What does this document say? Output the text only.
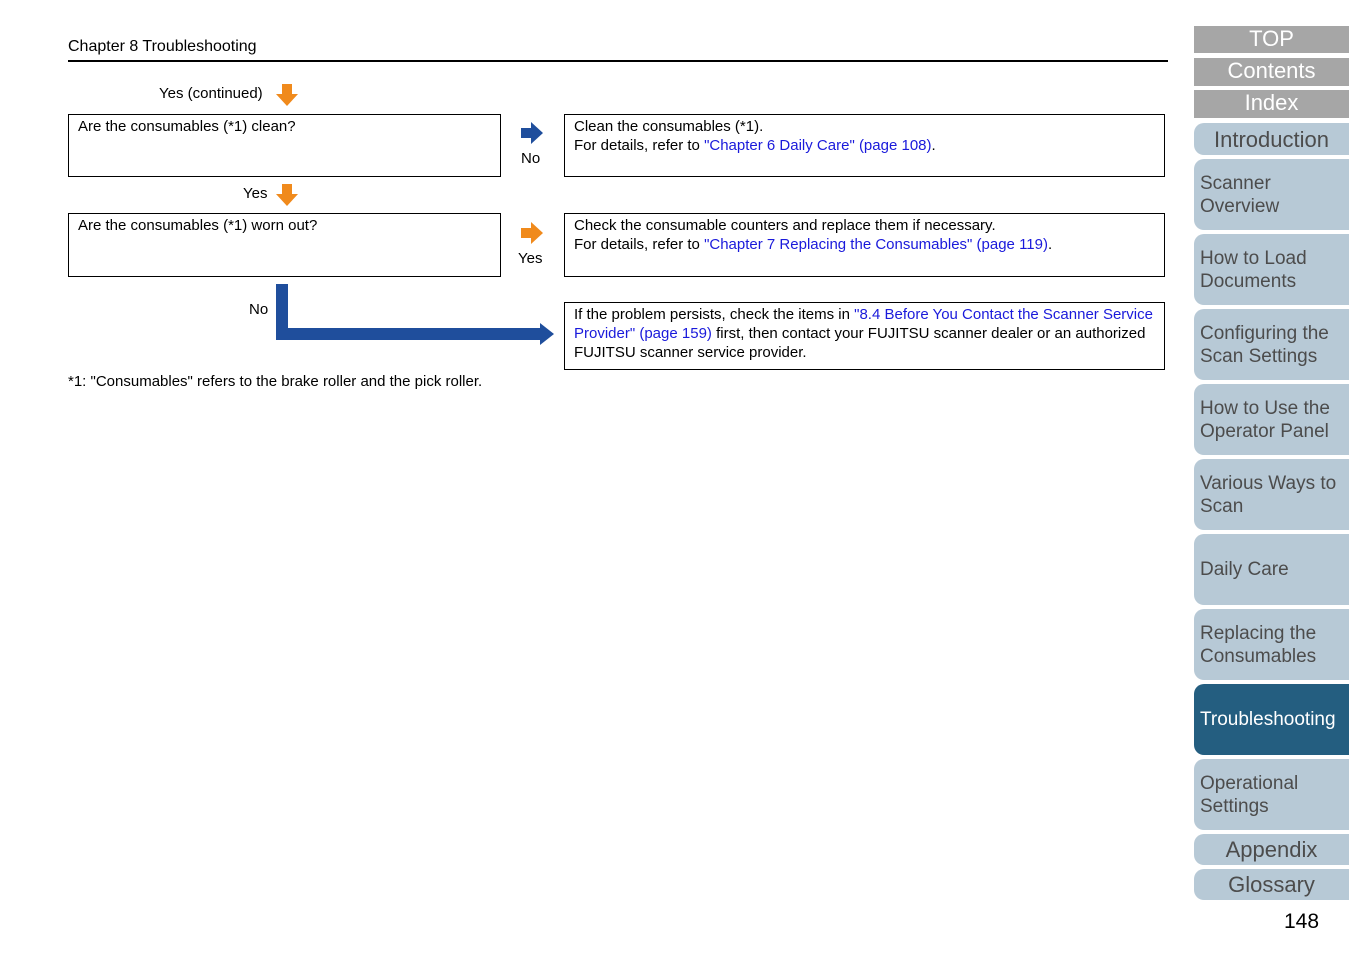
Chapter 8 Troubleshooting
Yes (continued)
Are the consumables (*1) clean?
No
Clean the consumables (*1).
For details, refer to "Chapter 6 Daily Care" (page 108).
Yes
Are the consumables (*1) worn out?
Yes
Check the consumable counters and replace them if necessary.
For details, refer to "Chapter 7 Replacing the Consumables" (page 119).
No	If the problem persists, check the items in "8.4 Before You Contact the Scanner Service Provider" (page 159) first, then contact your FUJITSU scanner dealer or an authorized FUJITSU scanner service provider.
*1: "Consumables" refers to the brake roller and the pick roller.
TOP
Contents
Index
Introduction
Scanner Overview
How to Load Documents
Configuring the Scan Settings
How to Use the Operator Panel
Various Ways to Scan
Daily Care
Replacing the Consumables
Troubleshooting
Operational Settings
Appendix
Glossary
148
